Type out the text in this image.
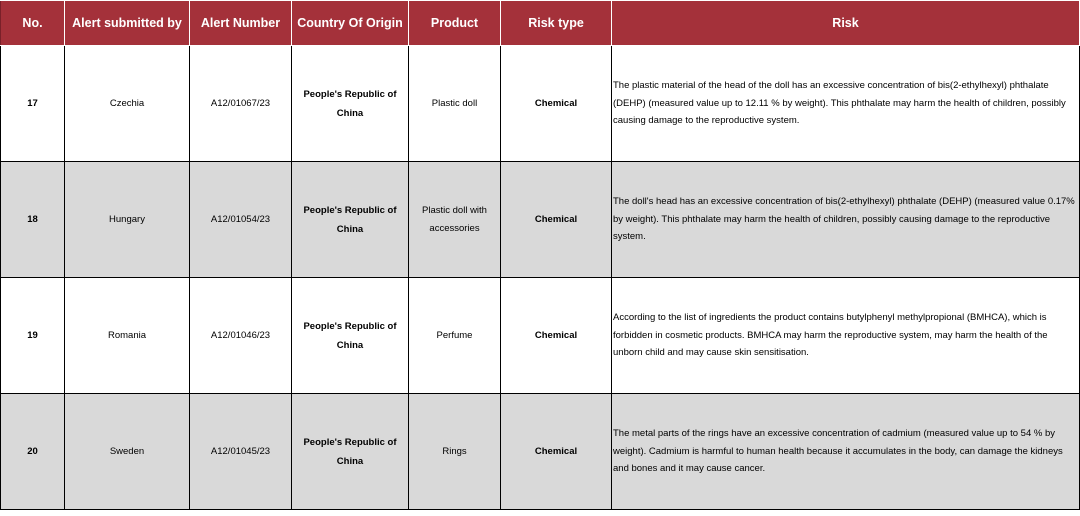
No.	Alert submitted by	Alert Number	Country Of Origin	Product	Risk type	Risk
17	Czechia	A12/01067/23	People's Republic of China	Plastic doll	Chemical	The plastic material of the head of the doll has an excessive concentration of bis(2-ethylhexyl) phthalate (DEHP) (measured value up to 12.11 % by weight). This phthalate may harm the health of children, possibly causing damage to the reproductive system.
18	Hungary	A12/01054/23	People's Republic of China	Plastic doll with accessories	Chemical	The doll's head has an excessive concentration of bis(2-ethylhexyl) phthalate (DEHP) (measured value 0.17% by weight). This phthalate may harm the health of children, possibly causing damage to the reproductive system.
19	Romania	A12/01046/23	People's Republic of China	Perfume	Chemical	According to the list of ingredients the product contains butylphenyl methylpropional (BMHCA), which is forbidden in cosmetic products. BMHCA may harm the reproductive system, may harm the health of the unborn child and may cause skin sensitisation.
20	Sweden	A12/01045/23	People's Republic of China	Rings	Chemical	The metal parts of the rings have an excessive concentration of cadmium (measured value up to 54 % by weight). Cadmium is harmful to human health because it accumulates in the body, can damage the kidneys and bones and it may cause cancer.
